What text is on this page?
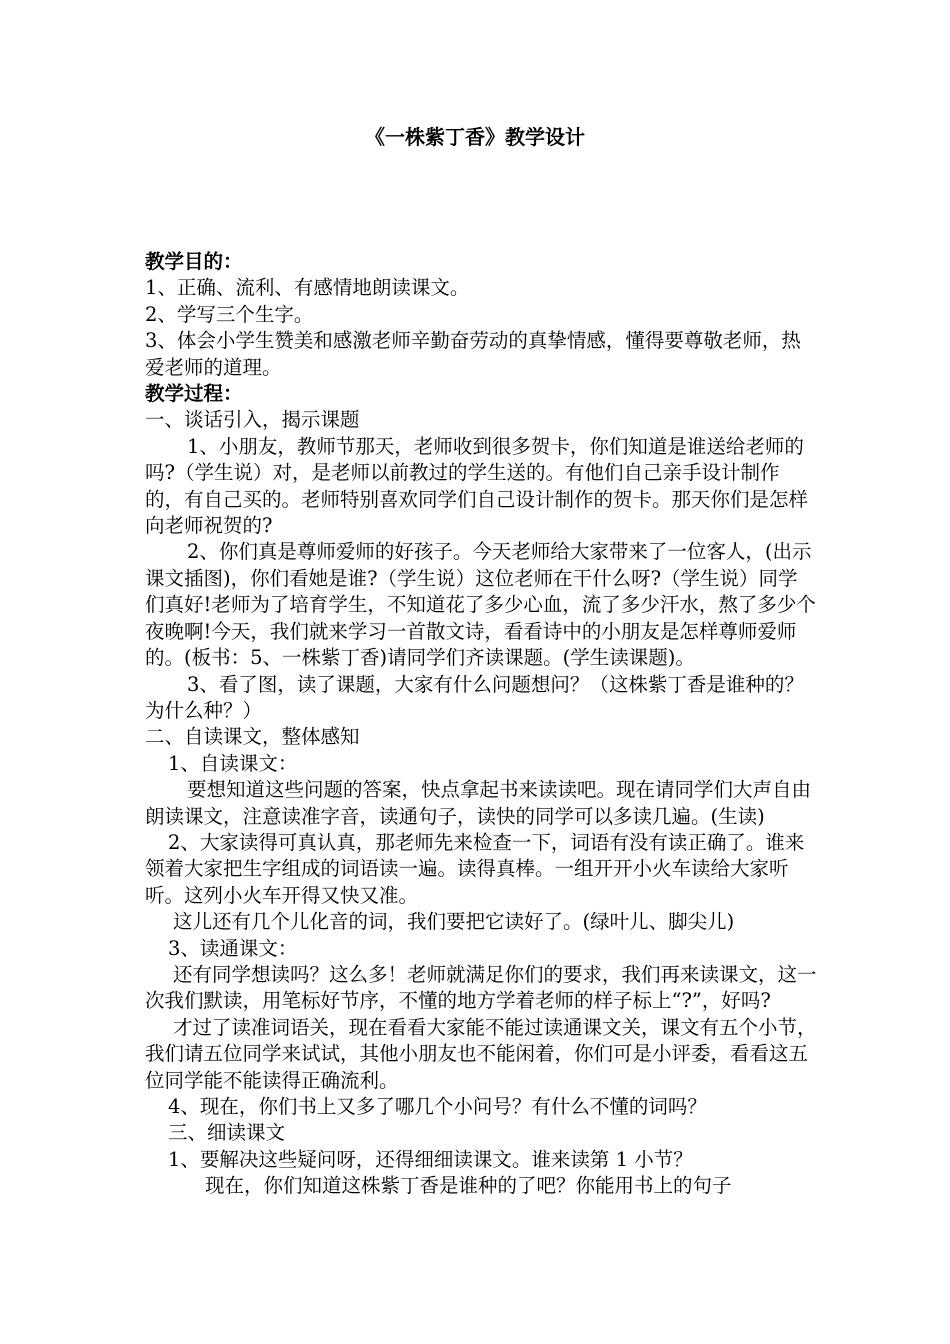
《一株紫丁香》教学设计

教学目的：

1、正确、流利、有感情地朗读课文。

2、学写三个生字。

3、体会小学生赞美和感激老师辛勤奋劳动的真挚情感，懂得要尊敬老师，热爱老师的道理。

教学过程：

一、谈话引入，揭示课题

1、小朋友，教师节那天，老师收到很多贺卡，你们知道是谁送给老师的吗?（学生说）对，是老师以前教过的学生送的。有他们自己亲手设计制作的，有自己买的。老师特别喜欢同学们自己设计制作的贺卡。那天你们是怎样向老师祝贺的?

2、你们真是尊师爱师的好孩子。今天老师给大家带来了一位客人，(出示课文插图)，你们看她是谁?（学生说）这位老师在干什么呀?（学生说）同学们真好!老师为了培育学生，不知道花了多少心血，流了多少汗水，熬了多少个夜晚啊!今天，我们就来学习一首散文诗，看看诗中的小朋友是怎样尊师爱师的。(板书：5、一株紫丁香)请同学们齐读课题。(学生读课题)。

3、看了图，读了课题，大家有什么问题想问？（这株紫丁香是谁种的？为什么种？）

二、自读课文，整体感知

1、自读课文：

要想知道这些问题的答案，快点拿起书来读读吧。现在请同学们大声自由朗读课文，注意读准字音，读通句子，读快的同学可以多读几遍。(生读)

2、大家读得可真认真，那老师先来检查一下，词语有没有读正确了。谁来领着大家把生字组成的词语读一遍。读得真棒。一组开开小火车读给大家听听。这列小火车开得又快又准。

这儿还有几个儿化音的词，我们要把它读好了。(绿叶儿、脚尖儿)

3、读通课文：

还有同学想读吗？这么多！老师就满足你们的要求，我们再来读课文，这一次我们默读，用笔标好节序，不懂的地方学着老师的样子标上“?”，好吗?

才过了读准词语关，现在看看大家能不能过读通课文关，课文有五个小节，我们请五位同学来试试，其他小朋友也不能闲着，你们可是小评委，看看这五位同学能不能读得正确流利。

4、现在，你们书上又多了哪几个小问号？有什么不懂的词吗？

三、细读课文

1、要解决这些疑问呀，还得细细读课文。谁来读第 1 小节？

现在，你们知道这株紫丁香是谁种的了吧？你能用书上的句子
